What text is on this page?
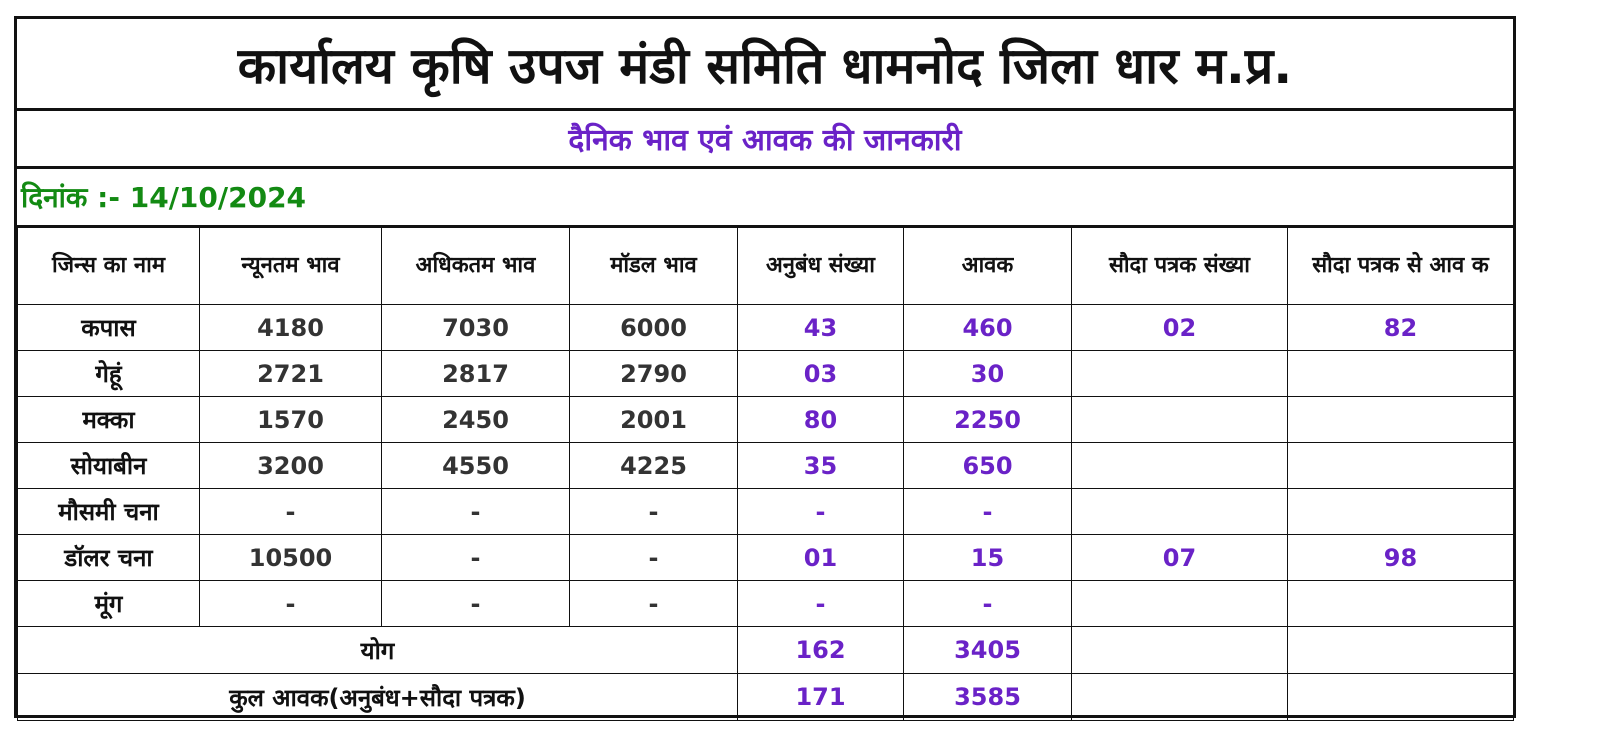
कार्यालय कृषि उपज मंडी समिति धामनोद जिला धार म.प्र.
दैनिक भाव एवं आवक की जानकारी
दिनांक :- 14/10/2024
जिन्स का नाम	न्यूनतम भाव	अधिकतम भाव	मॉडल भाव	अनुबंध संख्या	आवक	सौदा पत्रक संख्या	सौदा पत्रक से आव क
कपास	4180	7030	6000	43	460	02	82
गेहूं	2721	2817	2790	03	30		
मक्का	1570	2450	2001	80	2250		
सोयाबीन	3200	4550	4225	35	650		
मौसमी चना	-	-	-	-	-		
डॉलर चना	10500	-	-	01	15	07	98
मूंग	-	-	-	-	-		
योग				162	3405		
कुल आवक(अनुबंध+सौदा पत्रक)				171	3585		
